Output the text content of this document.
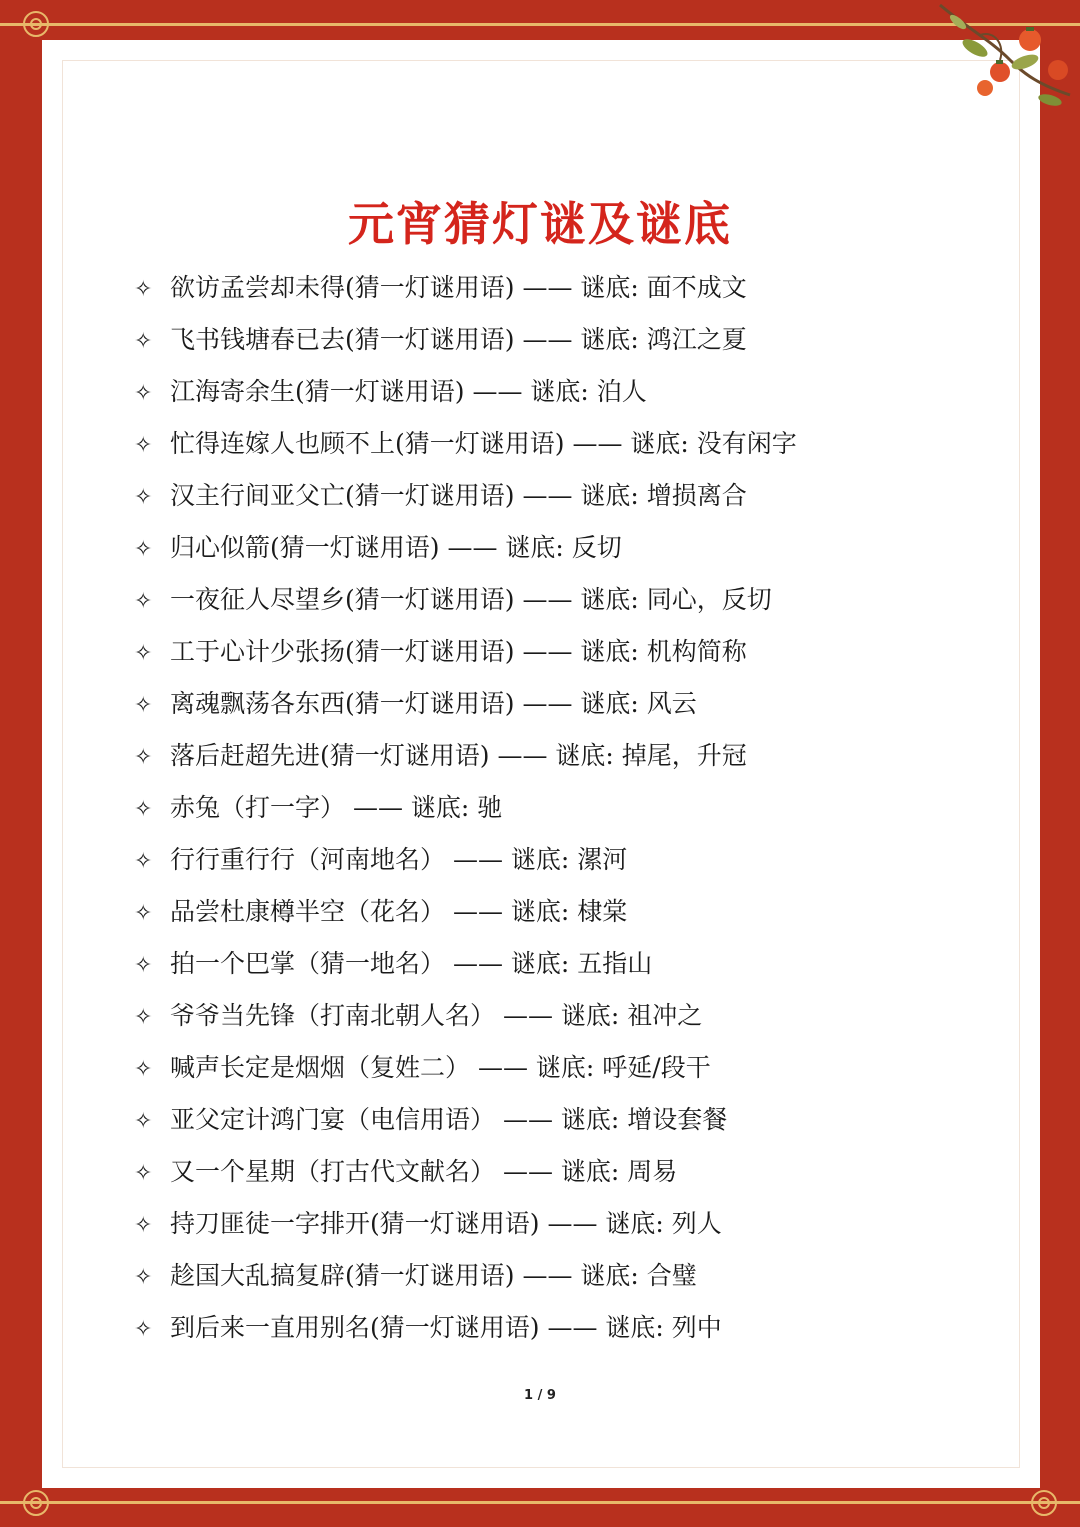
元宵猜灯谜及谜底
✧ 欲访孟尝却未得(猜一灯谜用语) —— 谜底: 面不成文
✧ 飞书钱塘春已去(猜一灯谜用语) —— 谜底: 鸿江之夏
✧ 江海寄余生(猜一灯谜用语) —— 谜底: 泊人
✧ 忙得连嫁人也顾不上(猜一灯谜用语) —— 谜底: 没有闲字
✧ 汉主行间亚父亡(猜一灯谜用语) —— 谜底: 增损离合
✧ 归心似箭(猜一灯谜用语) —— 谜底: 反切
✧ 一夜征人尽望乡(猜一灯谜用语) —— 谜底: 同心，反切
✧ 工于心计少张扬(猜一灯谜用语) —— 谜底: 机构简称
✧ 离魂飘荡各东西(猜一灯谜用语) —— 谜底: 风云
✧ 落后赶超先进(猜一灯谜用语) —— 谜底: 掉尾，升冠
✧ 赤兔（打一字） —— 谜底: 驰
✧ 行行重行行（河南地名） —— 谜底: 漯河
✧ 品尝杜康樽半空（花名） —— 谜底: 棣棠
✧ 拍一个巴掌（猜一地名） —— 谜底: 五指山
✧ 爷爷当先锋（打南北朝人名） —— 谜底: 祖冲之
✧ 喊声长定是烟烟（复姓二） —— 谜底: 呼延/段干
✧ 亚父定计鸿门宴（电信用语） —— 谜底: 增设套餐
✧ 又一个星期（打古代文献名） —— 谜底: 周易
✧ 持刀匪徒一字排开(猜一灯谜用语) —— 谜底: 列人
✧ 趁国大乱搞复辟(猜一灯谜用语) —— 谜底: 合璧
✧ 到后来一直用别名(猜一灯谜用语) —— 谜底: 列中
1 / 9
